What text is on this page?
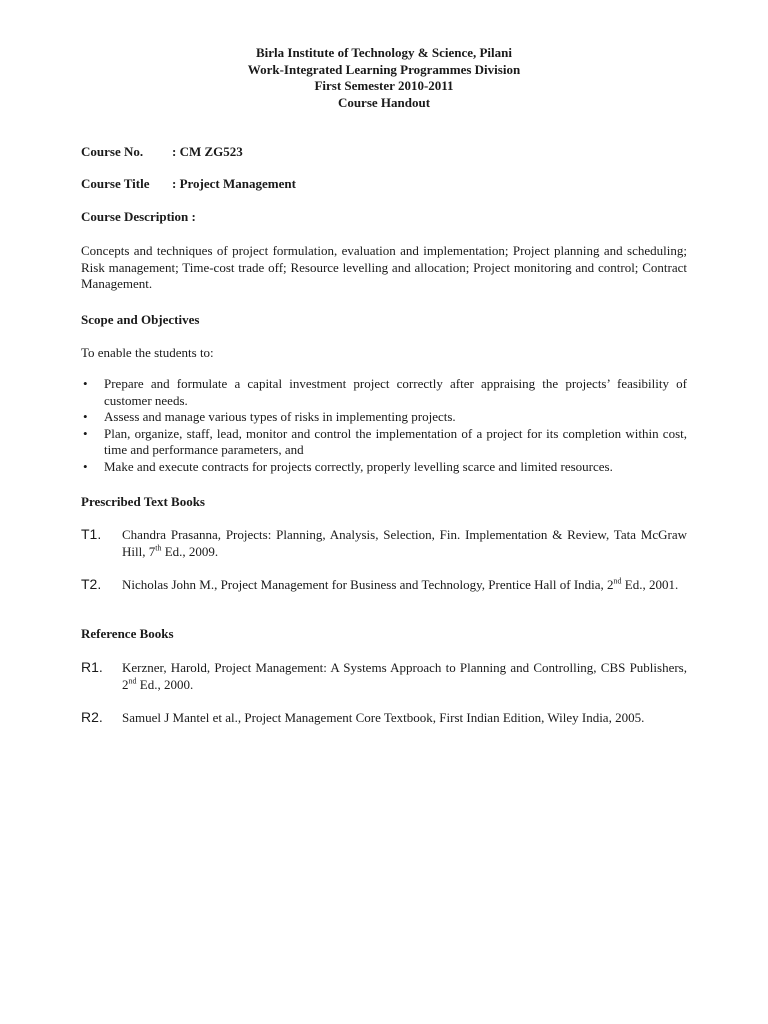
Birla Institute of Technology & Science, Pilani
Work-Integrated Learning Programmes Division
First Semester 2010-2011
Course Handout
Course No. : CM ZG523
Course Title : Project Management
Course Description :
Concepts and techniques of project formulation, evaluation and implementation; Project planning and scheduling; Risk management; Time-cost trade off; Resource levelling and allocation; Project monitoring and control; Contract Management.
Scope and Objectives
To enable the students to:
• Prepare and formulate a capital investment project correctly after appraising the projects’ feasibility of customer needs.
• Assess and manage various types of risks in implementing projects.
• Plan, organize, staff, lead, monitor and control the implementation of a project for its completion within cost, time and performance parameters, and
• Make and execute contracts for projects correctly, properly levelling scarce and limited resources.
Prescribed Text Books
T1. Chandra Prasanna, Projects: Planning, Analysis, Selection, Fin. Implementation & Review, Tata McGraw Hill, 7th Ed., 2009.
T2. Nicholas John M., Project Management for Business and Technology, Prentice Hall of India, 2nd Ed., 2001.
Reference Books
R1. Kerzner, Harold, Project Management: A Systems Approach to Planning and Controlling, CBS Publishers, 2nd Ed., 2000.
R2. Samuel J Mantel et al., Project Management Core Textbook, First Indian Edition, Wiley India, 2005.
